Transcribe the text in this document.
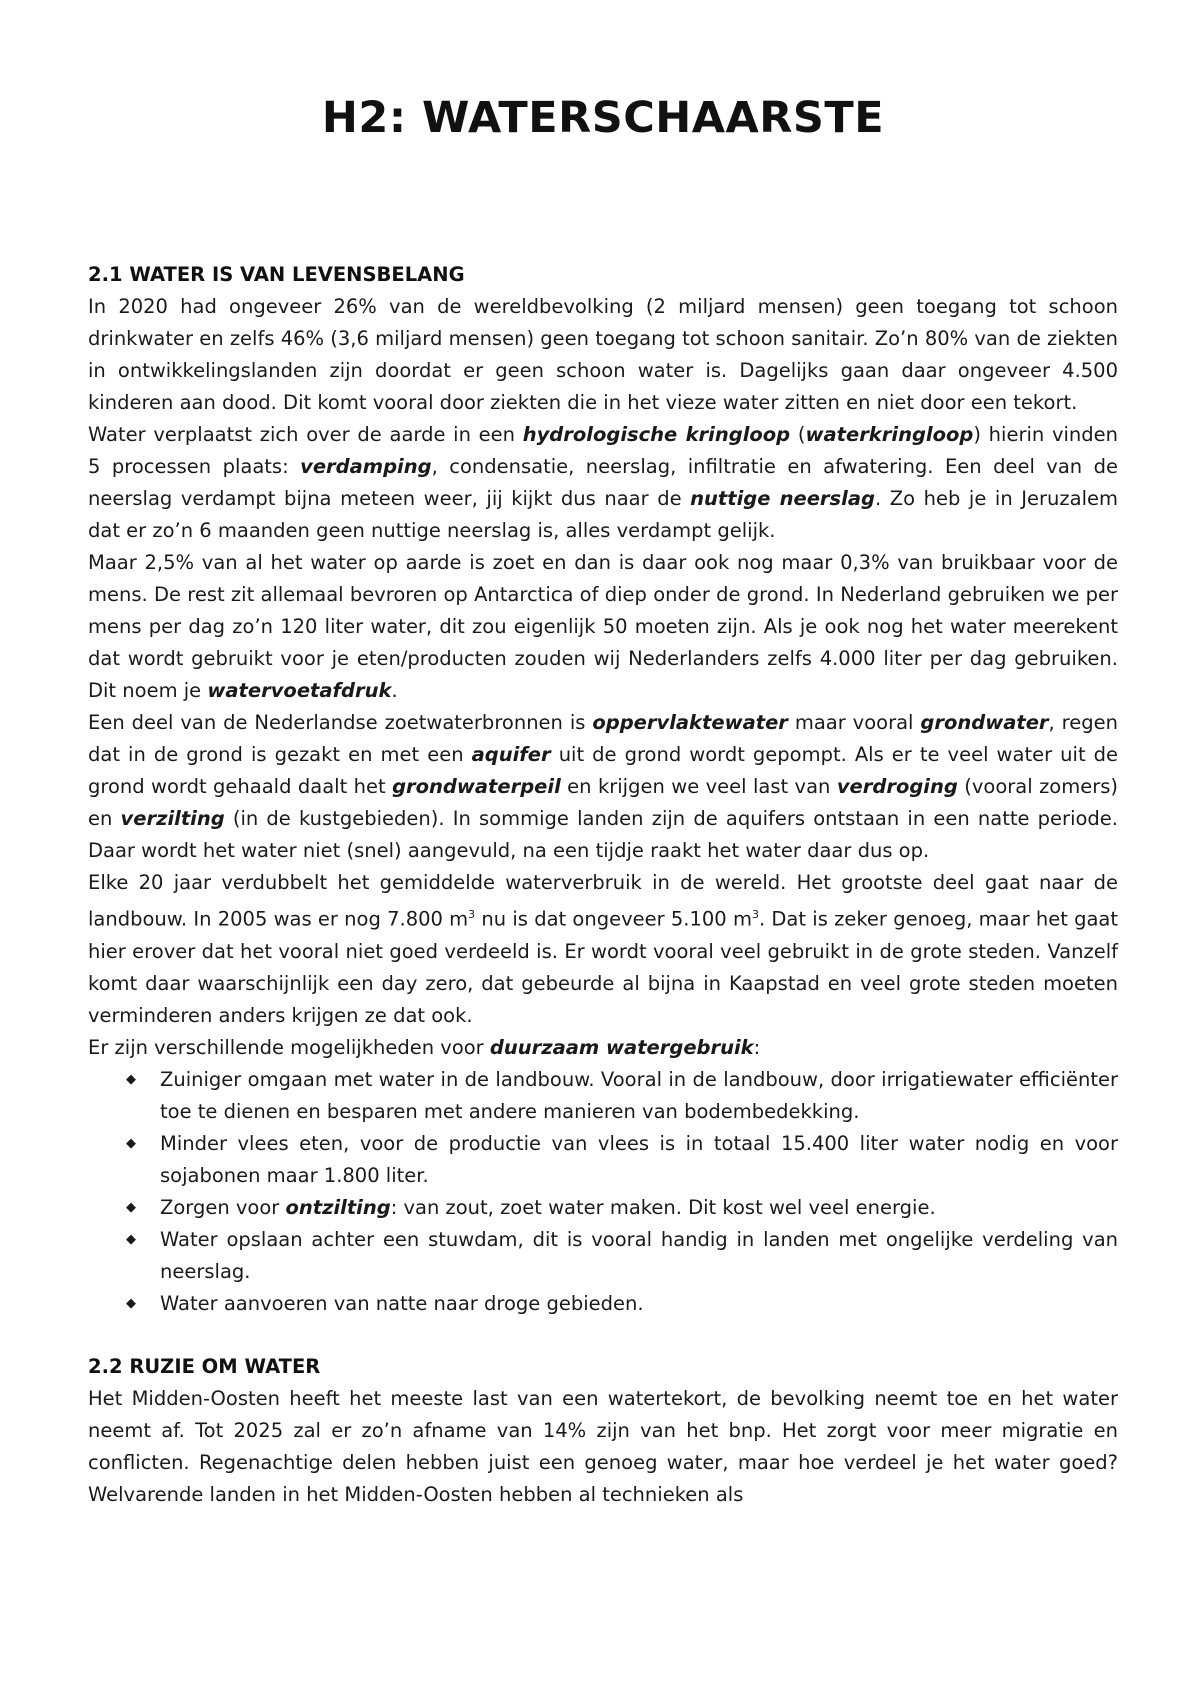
H2: WATERSCHAARSTE
2.1 WATER IS VAN LEVENSBELANG

In 2020 had ongeveer 26% van de wereldbevolking (2 miljard mensen) geen toegang tot schoon drinkwater en zelfs 46% (3,6 miljard mensen) geen toegang tot schoon sanitair. Zo’n 80% van de ziekten in ontwikkelingslanden zijn doordat er geen schoon water is. Dagelijks gaan daar ongeveer 4.500 kinderen aan dood. Dit komt vooral door ziekten die in het vieze water zitten en niet door een tekort.

Water verplaatst zich over de aarde in een hydrologische kringloop (waterkringloop) hierin vinden 5 processen plaats: verdamping, condensatie, neerslag, infiltratie en afwatering. Een deel van de neerslag verdampt bijna meteen weer, jij kijkt dus naar de nuttige neerslag. Zo heb je in Jeruzalem dat er zo’n 6 maanden geen nuttige neerslag is, alles verdampt gelijk.

Maar 2,5% van al het water op aarde is zoet en dan is daar ook nog maar 0,3% van bruikbaar voor de mens. De rest zit allemaal bevroren op Antarctica of diep onder de grond. In Nederland gebruiken we per mens per dag zo’n 120 liter water, dit zou eigenlijk 50 moeten zijn. Als je ook nog het water meerekent dat wordt gebruikt voor je eten/producten zouden wij Nederlanders zelfs 4.000 liter per dag gebruiken. Dit noem je watervoetafdruk.

Een deel van de Nederlandse zoetwaterbronnen is oppervlaktewater maar vooral grondwater, regen dat in de grond is gezakt en met een aquifer uit de grond wordt gepompt. Als er te veel water uit de grond wordt gehaald daalt het grondwaterpeil en krijgen we veel last van verdroging (vooral zomers) en verzilting (in de kustgebieden). In sommige landen zijn de aquifers ontstaan in een natte periode. Daar wordt het water niet (snel) aangevuld, na een tijdje raakt het water daar dus op.

Elke 20 jaar verdubbelt het gemiddelde waterverbruik in de wereld. Het grootste deel gaat naar de landbouw. In 2005 was er nog 7.800 $m^3$ nu is dat ongeveer 5.100 $m^3$. Dat is zeker genoeg, maar het gaat hier erover dat het vooral niet goed verdeeld is. Er wordt vooral veel gebruikt in de grote steden. Vanzelf komt daar waarschijnlijk een day zero, dat gebeurde al bijna in Kaapstad en veel grote steden moeten verminderen anders krijgen ze dat ook.

Er zijn verschillende mogelijkheden voor duurzaam watergebruik:

◆ Zuiniger omgaan met water in de landbouw. Vooral in de landbouw, door irrigatiewater efficiënter toe te dienen en besparen met andere manieren van bodembedekking.
◆ Minder vlees eten, voor de productie van vlees is in totaal 15.400 liter water nodig en voor sojabonen maar 1.800 liter.
◆ Zorgen voor ontzilting: van zout, zoet water maken. Dit kost wel veel energie.
◆ Water opslaan achter een stuwdam, dit is vooral handig in landen met ongelijke verdeling van neerslag.
◆ Water aanvoeren van natte naar droge gebieden.
2.2 RUZIE OM WATER

Het Midden-Oosten heeft het meeste last van een watertekort, de bevolking neemt toe en het water neemt af. Tot 2025 zal er zo’n afname van 14% zijn van het bnp. Het zorgt voor meer migratie en conflicten. Regenachtige delen hebben juist een genoeg water, maar hoe verdeel je het water goed? Welvarende landen in het Midden-Oosten hebben al technieken als
